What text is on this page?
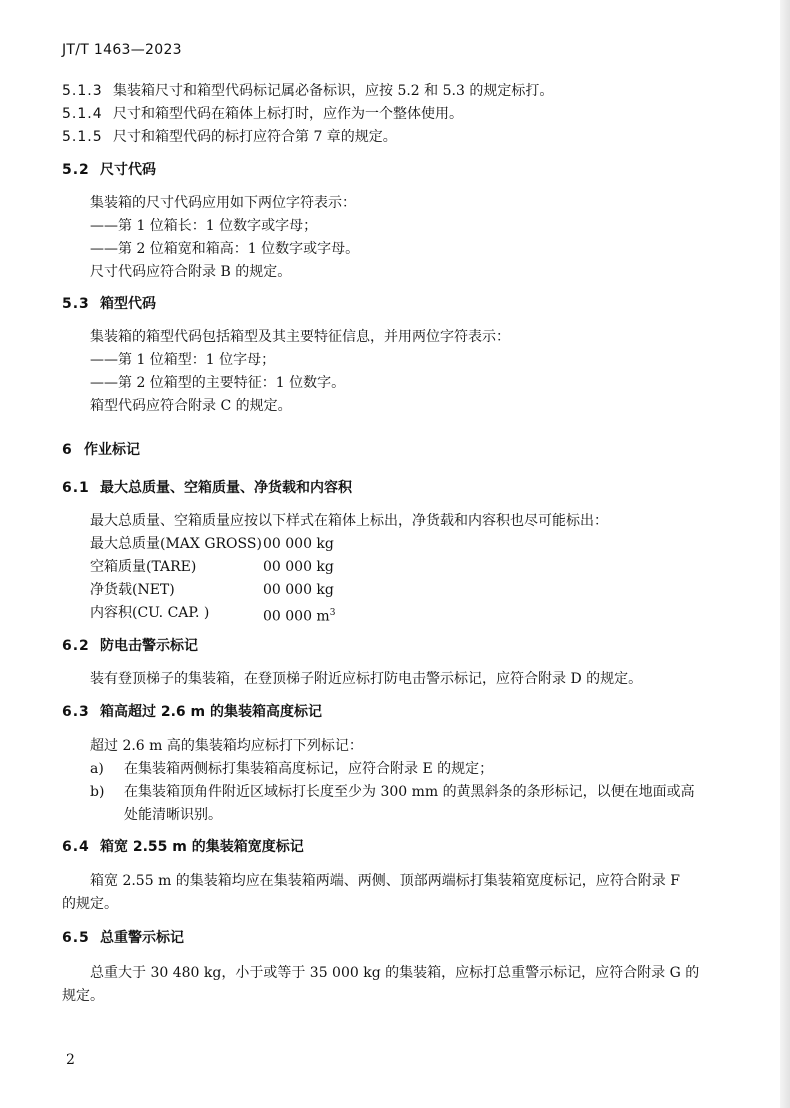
JT/T 1463—2023
5.1.3 集装箱尺寸和箱型代码标记属必备标识，应按 5.2 和 5.3 的规定标打。
5.1.4 尺寸和箱型代码在箱体上标打时，应作为一个整体使用。
5.1.5 尺寸和箱型代码的标打应符合第 7 章的规定。
5.2 尺寸代码
集装箱的尺寸代码应用如下两位字符表示：
——第 1 位箱长：1 位数字或字母；
——第 2 位箱宽和箱高：1 位数字或字母。
尺寸代码应符合附录 B 的规定。
5.3 箱型代码
集装箱的箱型代码包括箱型及其主要特征信息，并用两位字符表示：
——第 1 位箱型：1 位字母；
——第 2 位箱型的主要特征：1 位数字。
箱型代码应符合附录 C 的规定。
6 作业标记
6.1 最大总质量、空箱质量、净货载和内容积
最大总质量、空箱质量应按以下样式在箱体上标出，净货载和内容积也尽可能标出：
最大总质量(MAX GROSS) 00 000 kg
空箱质量(TARE)	00 000 kg
净货载(NET)	00 000 kg
内容积(CU. CAP. )	00 000 $m^3$
6.2 防电击警示标记
装有登顶梯子的集装箱，在登顶梯子附近应标打防电击警示标记，应符合附录 D 的规定。
6.3 箱高超过 2.6 m 的集装箱高度标记
超过 2.6 m 高的集装箱均应标打下列标记：
a) 在集装箱两侧标打集装箱高度标记，应符合附录 E 的规定；
b) 在集装箱顶角件附近区域标打长度至少为 300 mm 的黄黑斜条的条形标记，以便在地面或高
处能清晰识别。
6.4 箱宽 2.55 m 的集装箱宽度标记
箱宽 2.55 m 的集装箱均应在集装箱两端、两侧、顶部两端标打集装箱宽度标记，应符合附录 F
的规定。
6.5 总重警示标记
总重大于 30 480 kg，小于或等于 35 000 kg 的集装箱，应标打总重警示标记，应符合附录 G 的
规定。
2
